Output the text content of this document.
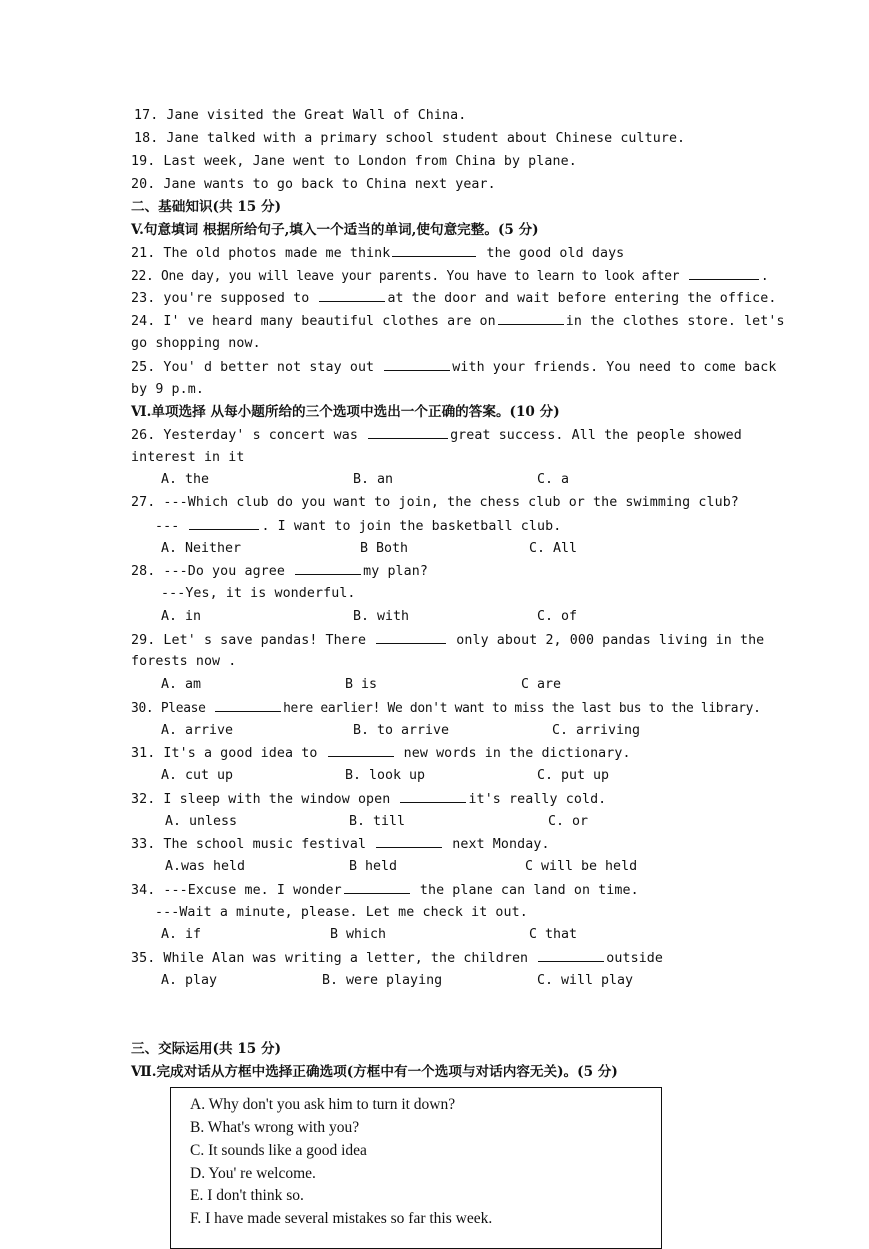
17. Jane visited the Great Wall of China.
18. Jane talked with a primary school student about Chinese culture.
19. Last week, Jane went to London from China by plane.
20. Jane wants to go back to China next year.
二、基础知识(共 15 分)
V.句意填词 根据所给句子,填入一个适当的单词,使句意完整。(5 分)
21. The old photos made me think	the good old days
22. One day, you will leave your parents. You have to learn to look after	.
23. you're supposed to	at the door and wait before entering the office.
24. I' ve heard many beautiful clothes are on	in the clothes store. let's
go shopping now.
25. You' d better not stay out	with your friends. You need to come back
by 9 p.m.
Ⅵ.单项选择 从每小题所给的三个选项中选出一个正确的答案。(10 分)
26. Yesterday' s concert was	great success. All the people showed
interest in it
A. the	B. an	C. a
27. ---Which club do you want to join, the chess club or the swimming club?
---	. I want to join the basketball club.
A. Neither	B Both	C. All
28. ---Do you agree	my plan?
---Yes, it is wonderful.
A. in	B. with	C. of
29. Let' s save pandas! There	only about 2, 000 pandas living in the
forests now .
A. am	B is	C are
30. Please	here earlier! We don't want to miss the last bus to the library.
A. arrive	B. to arrive	C. arriving
31. It's a good idea to	new words in the dictionary.
A. cut up	B. look up	C. put up
32. I sleep with the window open	it's really cold.
A. unless	B. till	C. or
33. The school music festival	next Monday.
A.was held	B held	C will be held
34. ---Excuse me. I wonder	the plane can land on time.
---Wait a minute, please. Let me check it out.
A. if	B which	C that
35. While Alan was writing a letter, the children	outside
A. play	B. were playing	C. will play
三、交际运用(共 15 分)
Ⅶ.完成对话从方框中选择正确选项(方框中有一个选项与对话内容无关)。(5 分)
A. Why don't you ask him to turn it down?
B. What's wrong with you?
C. It sounds like a good idea
D. You' re welcome.
E. I don't think so.
F. I have made several mistakes so far this week.
